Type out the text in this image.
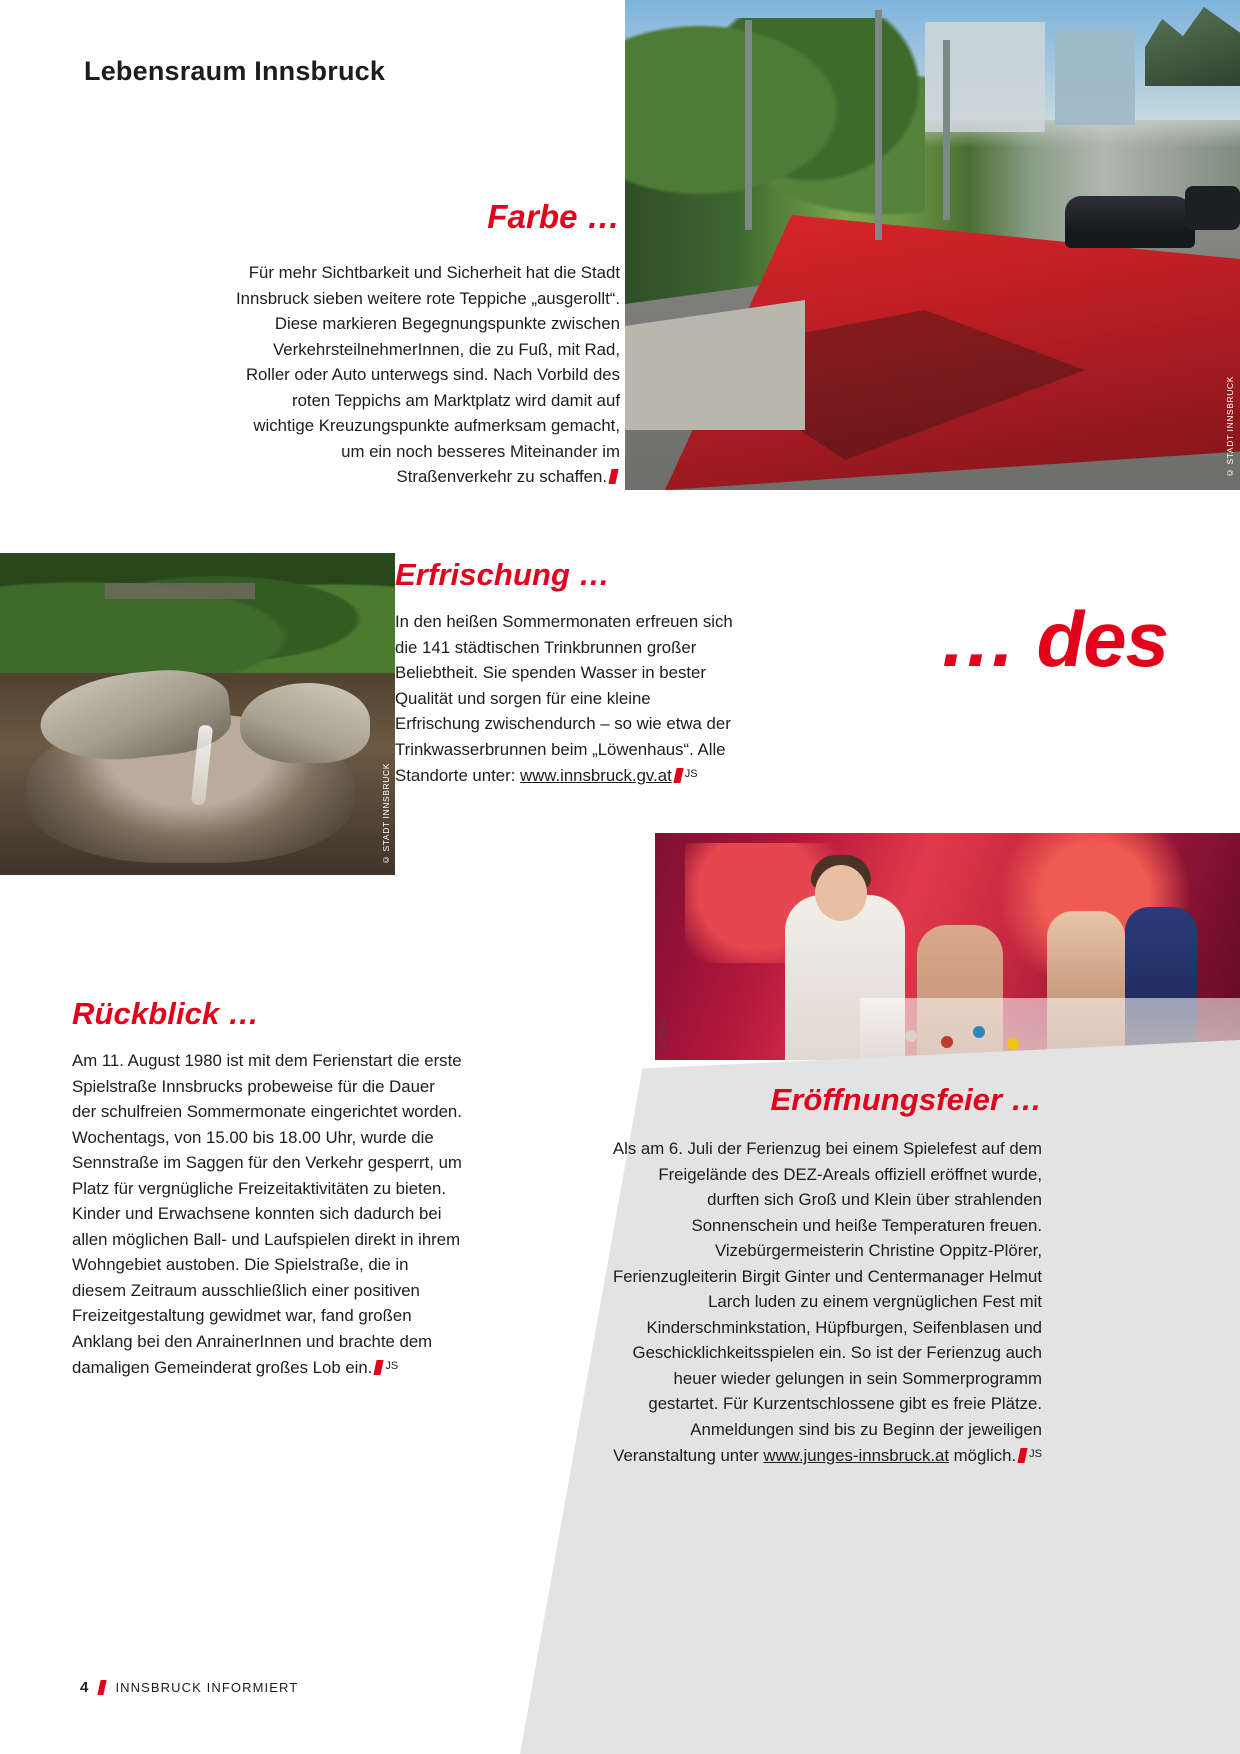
© STADT INNSBRUCK
Lebensraum Innsbruck
… des
Farbe …
Für mehr Sichtbarkeit und Sicherheit hat die Stadt Innsbruck sieben weitere rote Teppiche „ausgerollt“. Diese markieren Begegnungspunkte zwischen VerkehrsteilnehmerInnen, die zu Fuß, mit Rad, Roller oder Auto unterwegs sind. Nach Vorbild des roten Teppichs am Marktplatz wird damit auf wichtige Kreuzungspunkte aufmerksam gemacht, um ein noch besseres Miteinander im Straßenverkehr zu schaffen.
© STADT INNSBRUCK
Erfrischung …
In den heißen Sommermonaten erfreuen sich die 141 städtischen Trinkbrunnen großer Beliebtheit. Sie spenden Wasser in bester Qualität und sorgen für eine kleine Erfrischung zwischendurch – so wie etwa der Trinkwasserbrunnen beim „Löwenhaus“. Alle Standorte unter: www.innsbruck.gv.at $^{JS}$
© DEZ
Rückblick …
Am 11. August 1980 ist mit dem Ferienstart die erste Spielstraße Innsbrucks probeweise für die Dauer der schulfreien Sommermonate eingerichtet worden. Wochentags, von 15.00 bis 18.00 Uhr, wurde die Sennstraße im Saggen für den Verkehr gesperrt, um Platz für vergnügliche Freizeitaktivitäten zu bieten. Kinder und Erwachsene konnten sich dadurch bei allen möglichen Ball- und Laufspielen direkt in ihrem Wohngebiet austoben. Die Spielstraße, die in diesem Zeitraum ausschließlich einer positiven Freizeitgestaltung gewidmet war, fand großen Anklang bei den AnrainerInnen und brachte dem damaligen Gemeinderat großes Lob ein. $^{JS}$
Eröffnungsfeier …
Als am 6. Juli der Ferienzug bei einem Spielefest auf dem Freigelände des DEZ-Areals offiziell eröffnet wurde, durften sich Groß und Klein über strahlenden Sonnenschein und heiße Temperaturen freuen. Vizebürgermeisterin Christine Oppitz-Plörer, Ferienzugleiterin Birgit Ginter und Centermanager Helmut Larch luden zu einem vergnüglichen Fest mit Kinderschminkstation, Hüpfburgen, Seifenblasen und Geschicklichkeitsspielen ein. So ist der Ferienzug auch heuer wieder gelungen in sein Sommerprogramm gestartet. Für Kurzentschlossene gibt es freie Plätze. Anmeldungen sind bis zu Beginn der jeweiligen Veranstaltung unter www.junges-innsbruck.at möglich. $^{JS}$
4 INNSBRUCK INFORMIERT
